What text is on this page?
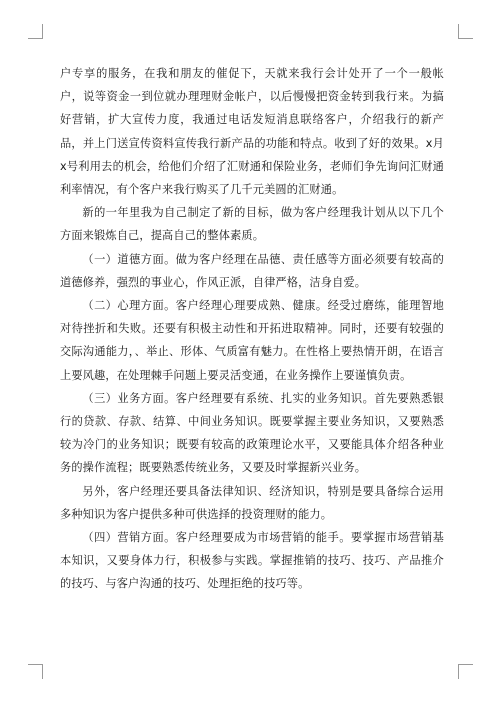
户专享的服务，在我和朋友的催促下，天就来我行会计处开了一个一般帐户，说等资金一到位就办理理财金帐户，以后慢慢把资金转到我行来。为搞好营销，扩大宣传力度，我通过电话发短消息联络客户，介绍我行的新产品，并上门送宣传资料宣传我行新产品的功能和特点。收到了好的效果。x月x号利用去的机会，给他们介绍了汇财通和保险业务，老师们争先询问汇财通利率情况，有个客户来我行购买了几千元美圆的汇财通。

新的一年里我为自己制定了新的目标，做为客户经理我计划从以下几个方面来锻炼自己，提高自己的整体素质。

（一）道德方面。做为客户经理在品德、责任感等方面必须要有较高的道德修养，强烈的事业心，作风正派，自律严格，洁身自爱。

（二）心理方面。客户经理心理要成熟、健康。经受过磨练，能理智地对待挫折和失败。还要有积极主动性和开拓进取精神。同时，还要有较强的交际沟通能力，、举止、形体、气质富有魅力。在性格上要热情开朗，在语言上要风趣，在处理棘手问题上要灵活变通，在业务操作上要谨慎负责。

（三）业务方面。客户经理要有系统、扎实的业务知识。首先要熟悉银行的贷款、存款、结算、中间业务知识。既要掌握主要业务知识，又要熟悉较为冷门的业务知识；既要有较高的政策理论水平，又要能具体介绍各种业务的操作流程；既要熟悉传统业务，又要及时掌握新兴业务。

另外，客户经理还要具备法律知识、经济知识，特别是要具备综合运用多种知识为客户提供多种可供选择的投资理财的能力。

（四）营销方面。客户经理要成为市场营销的能手。要掌握市场营销基本知识，又要身体力行，积极参与实践。掌握推销的技巧、技巧、产品推介的技巧、与客户沟通的技巧、处理拒绝的技巧等。
